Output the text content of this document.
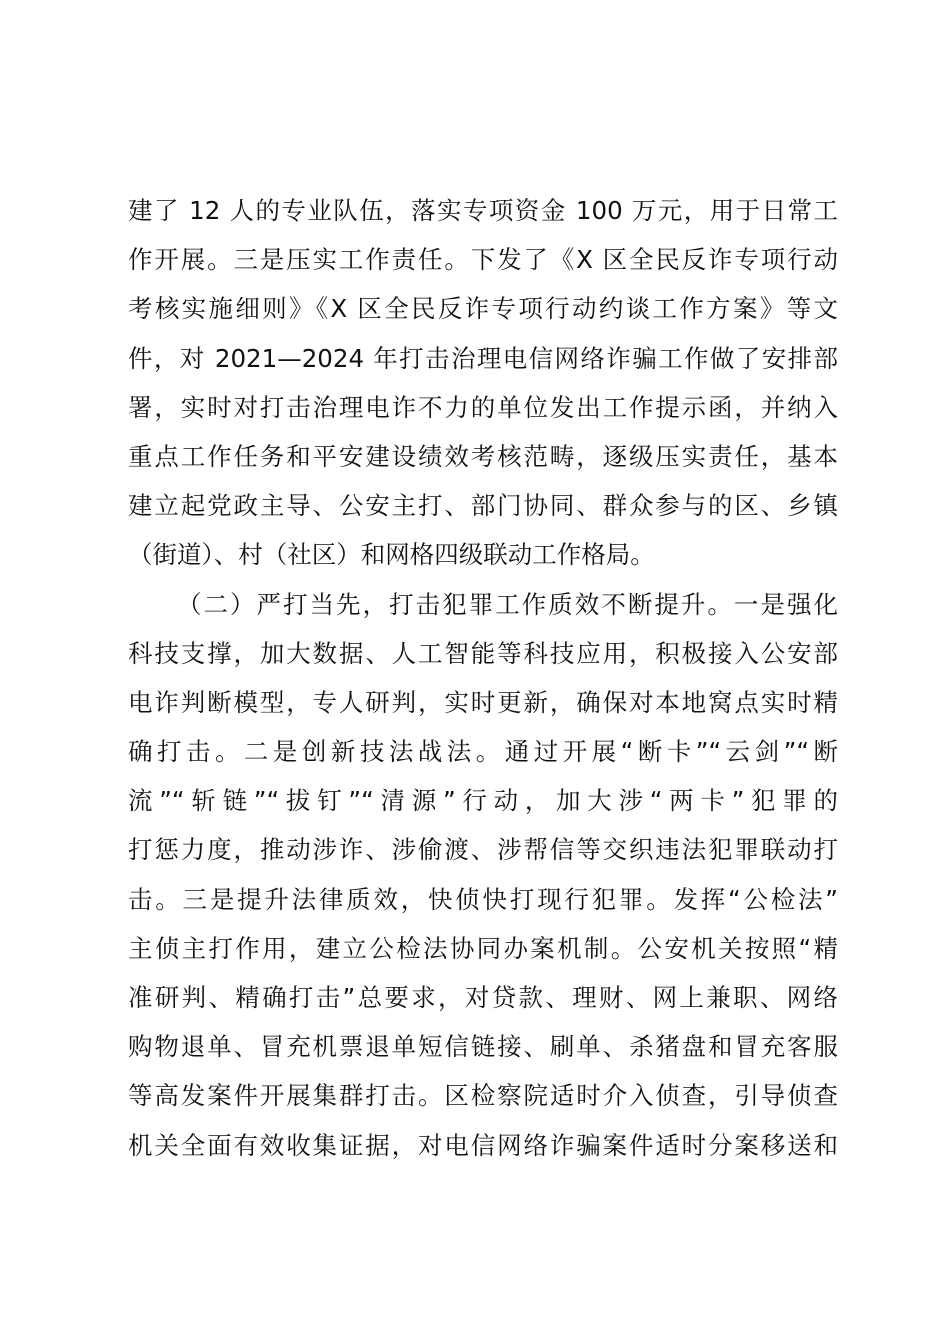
建了 12 人的专业队伍，落实专项资金 100 万元，用于日常工
作开展。三是压实工作责任。下发了《X 区全民反诈专项行动
考核实施细则》《X 区全民反诈专项行动约谈工作方案》等文
件，对 2021—2024 年打击治理电信网络诈骗工作做了安排部
署，实时对打击治理电诈不力的单位发出工作提示函，并纳入
重点工作任务和平安建设绩效考核范畴，逐级压实责任，基本
建立起党政主导、公安主打、部门协同、群众参与的区、乡镇
（街道）、村（社区）和网格四级联动工作格局。
（二）严打当先，打击犯罪工作质效不断提升。一是强化
科技支撑，加大数据、人工智能等科技应用，积极接入公安部
电诈判断模型，专人研判，实时更新，确保对本地窝点实时精
确打击。二是创新技法战法。通过开展“断卡”“云剑”“断
流”“斩链”“拔钉”“清源”行动，加大涉“两卡”犯罪的
打惩力度，推动涉诈、涉偷渡、涉帮信等交织违法犯罪联动打
击。三是提升法律质效，快侦快打现行犯罪。发挥“公检法”
主侦主打作用，建立公检法协同办案机制。公安机关按照“精
准研判、精确打击”总要求，对贷款、理财、网上兼职、网络
购物退单、冒充机票退单短信链接、刷单、杀猪盘和冒充客服
等高发案件开展集群打击。区检察院适时介入侦查，引导侦查
机关全面有效收集证据，对电信网络诈骗案件适时分案移送和
